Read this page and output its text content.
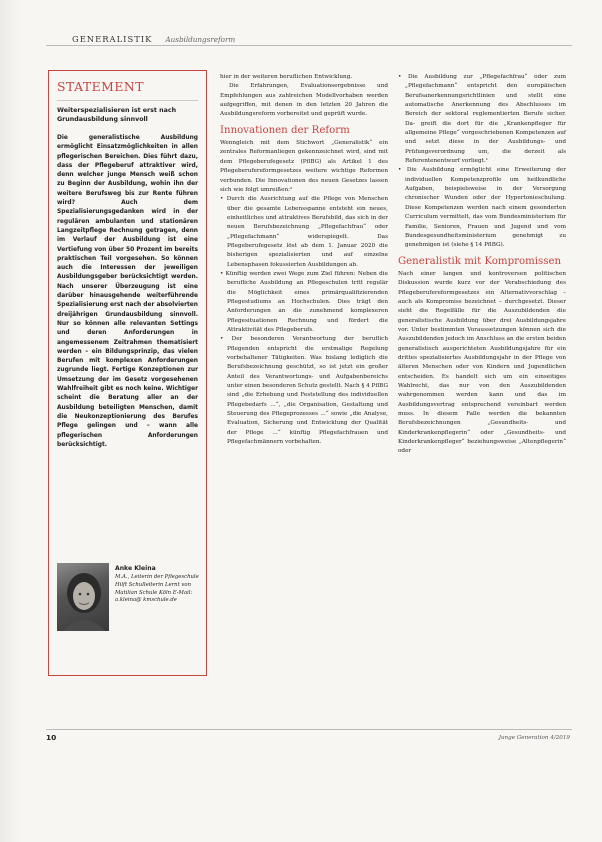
GENERALISTIK Ausbildungsreform
STATEMENT
Weiterspezialisieren ist erst nach Grundausbildung sinnvoll

Die generalistische Ausbildung ermöglicht Einsatzmöglichkeiten in allen pflegerischen Bereichen. Dies führt dazu, dass der Pflegeberuf attraktiver wird, denn welcher junge Mensch weiß schon zu Beginn der Ausbildung, wohin ihn der weitere Berufsweg bis zur Rente führen wird? Auch dem Spezialisierungsgedanken wird in der regulären ambulanten und stationären Langzeitpflege Rechnung getragen, denn im Verlauf der Ausbildung ist eine Vertiefung von über 50 Prozent im bereits praktischen Teil vorgesehen. So können auch die Interessen der jeweiligen Ausbildungsgeber berücksichtigt werden. Nach unserer Überzeugung ist eine darüber hinausgehende weiterführende Spezialisierung erst nach der absolvierten dreijährigen Grundausbildung sinnvoll. Nur so können alle relevanten Settings und deren Anforderungen in angemessenem Zeitrahmen thematisiert werden – ein Bildungsprinzip, das vielen Berufen mit komplexen Anforderungen zugrunde liegt. Fertige Konzeptionen zur Umsetzung der im Gesetz vorgesehenen Wahlfreiheit gibt es noch keine. Wichtiger scheint die Beratung aller an der Ausbildung beteiligten Menschen, damit die Neukonzeptionierung des Berufes Pflege gelingen und – wann alle pflegerischen Anforderungen berücksichtigt.

Anke Kleina
M.A., Leiterin der Pflegeschule Hilft Schulleiterin Lernt von Matilian Schule Köln E-Mail: a.kleina@ kmschule.de

hier in der weiteren beruflichen Entwicklung.

Die Erfahrungen, Evaluationsergebnisse und Empfehlungen aus zahlreichen Modellvorhaben werden aufgegriffen, mit denen in den letzten 20 Jahren die Ausbildungsreform vorbereitet und geprüft wurde.

Innovationen der Reform

Wenngleich mit dem Stichwort „Generalistik“ ein zentrales Reformanliegen gekennzeichnet wird, sind mit dem Pflegeberufegesetz (PflBG) als Artikel 1 des Pflegeberufereformgesetzes weitere wichtige Reformen verbunden. Die Innovationen des neuen Gesetzes lassen sich wie folgt umreißen:²

• Durch die Ausrichtung auf die Pflege von Menschen über die gesamte Lebensspanne entsteht ein neues, einheitliches und attraktives Berufsbild, das sich in der neuen Berufsbezeichnung „Pflegefachfrau“ oder „Pflegefachmann“ widerspiegelt. Das Pflegeberufegesetz löst ab dem 1. Januar 2020 die bisherigen spezialisierten und auf einzelne Lebensphasen fokussierten Ausbildungen ab.

• Künftig werden zwei Wege zum Ziel führen: Neben die berufliche Ausbildung an Pflegeschulen tritt regulär die Möglichkeit eines primärqualifizierenden Pflegestudiums an Hochschulen. Dies trägt den Anforderungen an die zunehmend komplexeren Pflegesituationen Rechnung und fördert die Attraktivität des Pflegeberufs.

• Der besonderen Verantwortung der beruflich Pflegenden entspricht die erstmalige Regelung vorbehaltener Tätigkeiten. Was bislang lediglich die Berufsbezeichnung geschützt, so ist jetzt ein großer Anteil des Verantwortungs- und Aufgabenbereichs unter einen besonderen Schutz gestellt. Nach § 4 PflBG sind „die Erhebung und Feststellung des individuellen Pflegebedarfs ...“, „die Organisation, Gestaltung und Steuerung des Pflegeprozesses ...“ sowie „die Analyse, Evaluation, Sicherung und Entwicklung der Qualität der Pflege ...“ künftig Pflegefachfrauen und Pflegefachmännern vorbehalten.

• Die Ausbildung zur „Pflegefachfrau“ oder zum „Pflegefachmann“ entspricht den europäischen Berufsanerkennungsrichtlinien und stellt eine automatische Anerkennung des Abschlusses im Bereich der sektoral reglementierten Berufe sicher. Da- greift die dort für die „Krankenpfleger für allgemeine Pflege“ vorgeschriebenen Kompetenzen auf und setzt diese in der Ausbildungs- und Prüfungsverordnung um, die derzeit als Referentenentwurf vorliegt.¹

• Die Ausbildung ermöglicht eine Erweiterung der individuellen Kompetenzprofile um heilkundliche Aufgaben, beispielsweise in der Versorgung chronischer Wunden oder der Hypertonieschulung. Diese Kompetenzen werden nach einem gesonderten Curriculum vermittelt, das vom Bundesministerium für Familie, Senioren, Frauen und Jugend und vom Bundesgesundheitsministerium genehmigt zu genehmigen ist (siehe § 14 PflBG).

Generalistik mit Kompromissen

Nach einer langen und kontroversen politischen Diskussion wurde kurz vor der Verabschiedung des Pflegeberufereformgesetzes ein Alternativvorschlag – auch als Kompromiss bezeichnet – durchgesetzt. Dieser sieht die Regelfälle für die Auszubildenden die generalistische Ausbildung über drei Ausbildungsjahre vor. Unter bestimmten Voraussetzungen können sich die Auszubildenden jedoch im Anschluss an die ersten beiden generalistisch ausgerichteten Ausbildungsjahre für ein drittes spezialisiertes Ausbildungsjahr in der Pflege von älteren Menschen oder von Kindern und Jugendlichen entscheiden. Es handelt sich um ein einseitiges Wahlrecht, das nur von den Auszubildenden wahrgenommen werden kann und das im Ausbildungsvertrag entsprechend vereinbart werden muss. In diesem Falle werden die bekannten Berufsbezeichnungen „Gesundheits- und Kinderkrankenpflegerin“ oder „Gesundheits- und Kinderkrankenpfleger“ beziehungsweise „Altenpflegerin“ oder

10	Junge Generation 4/2019
